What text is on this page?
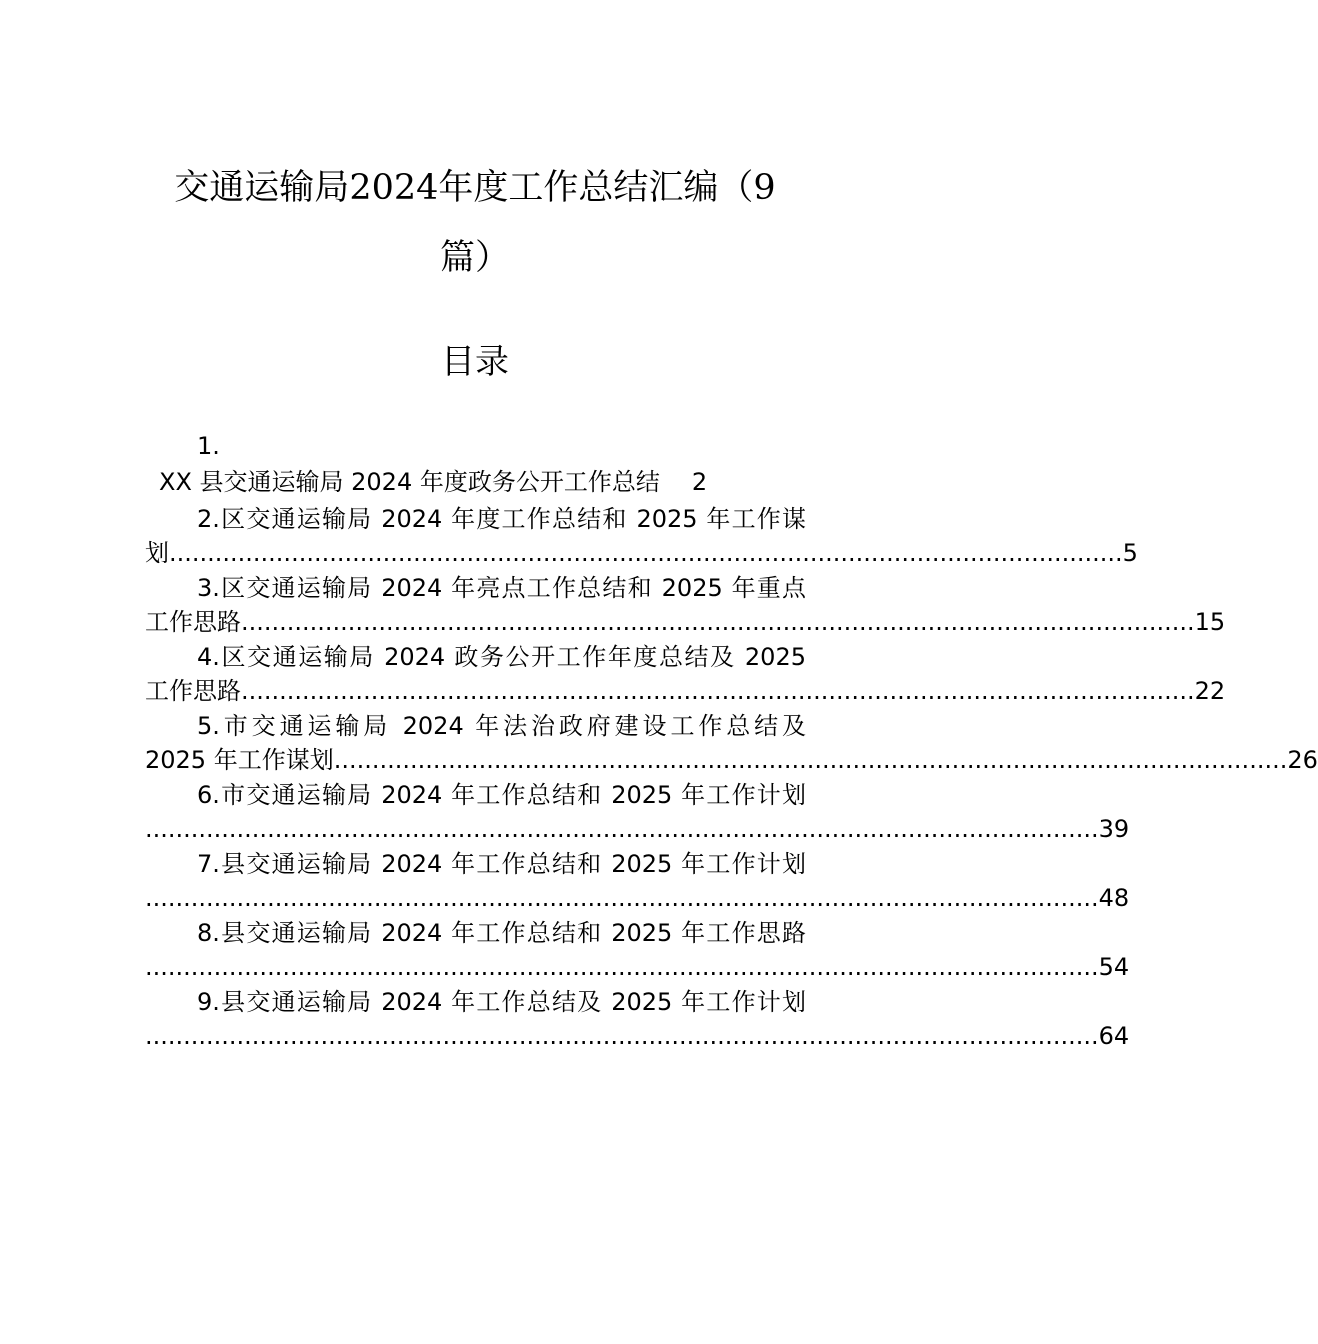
交通运输局2024年度工作总结汇编（9
篇）
目录
1.
XX 县交通运输局 2024 年度政务公开工作总结 2
2.区交通运输局 2024 年度工作总结和 2025 年工作谋
划 ............................................................................................................................. 5
3.区交通运输局 2024 年亮点工作总结和 2025 年重点
工作思路 ............................................................................................................................. 15
4.区交通运输局 2024 政务公开工作年度总结及 2025
工作思路 ............................................................................................................................. 22
5.市交通运输局 2024 年法治政府建设工作总结及
2025 年工作谋划 ............................................................................................................................. 26
6.市交通运输局 2024 年工作总结和 2025 年工作计划
............................................................................................................................. 39
7.县交通运输局 2024 年工作总结和 2025 年工作计划
............................................................................................................................. 48
8.县交通运输局 2024 年工作总结和 2025 年工作思路
............................................................................................................................. 54
9.县交通运输局 2024 年工作总结及 2025 年工作计划
............................................................................................................................. 64
